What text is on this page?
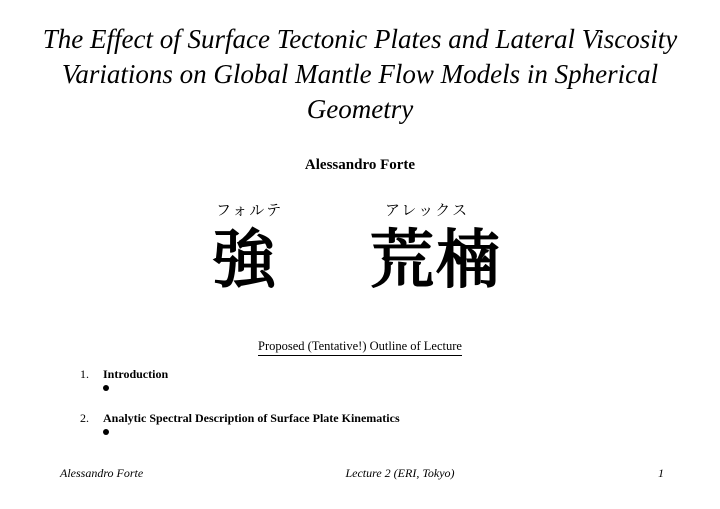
The Effect of Surface Tectonic Plates and Lateral Viscosity
Variations on Global Mantle Flow Models in Spherical
Geometry
Alessandro Forte
フォルテ	アレックス
強 荒楠
Proposed (Tentative!) Outline of Lecture
1. Introduction
2. Analytic Spectral Description of Surface Plate Kinematics
Alessandro Forte	Lecture 2 (ERI, Tokyo)	1
